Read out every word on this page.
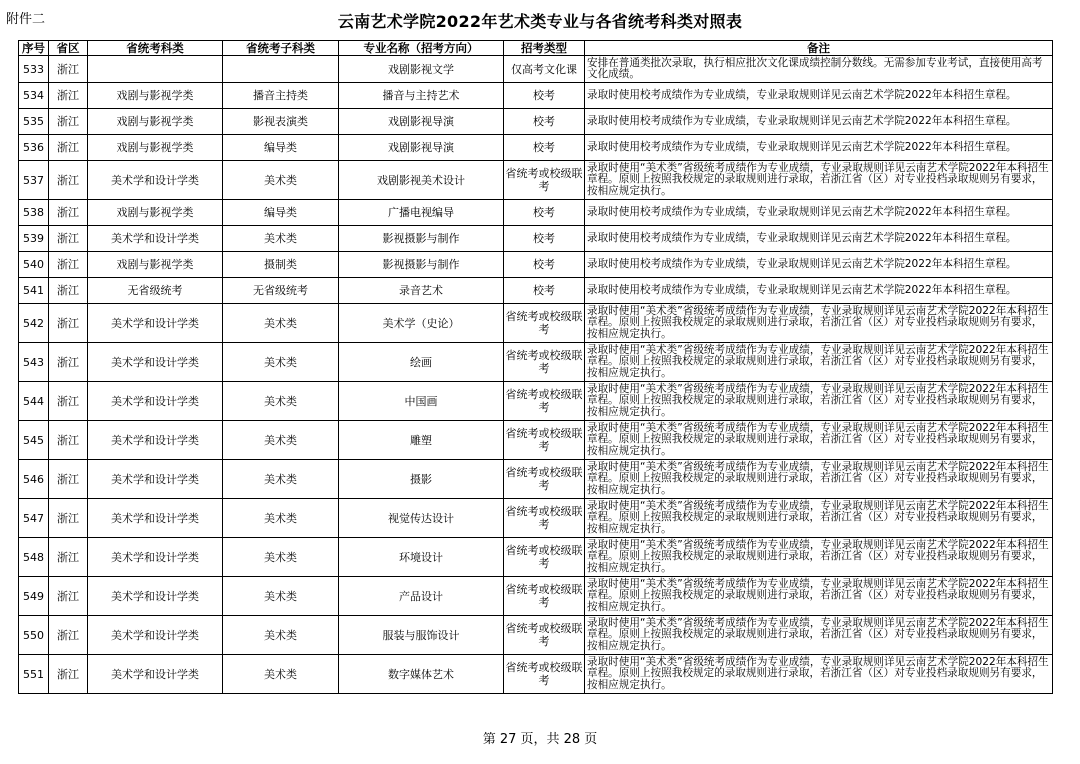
附件二	云南艺术学院2022年艺术类专业与各省统考科类对照表
序号	省区	省统考科类	省统考子科类	专业名称（招考方向）	招考类型	备注
533	浙江			戏剧影视文学	仅高考文化课	安排在普通类批次录取，执行相应批次文化课成绩控制分数线。无需参加专业考试，直接使用高考文化成绩。
534	浙江	戏剧与影视学类	播音主持类	播音与主持艺术	校考	录取时使用校考成绩作为专业成绩，专业录取规则详见云南艺术学院2022年本科招生章程。
535	浙江	戏剧与影视学类	影视表演类	戏剧影视导演	校考	录取时使用校考成绩作为专业成绩，专业录取规则详见云南艺术学院2022年本科招生章程。
536	浙江	戏剧与影视学类	编导类	戏剧影视导演	校考	录取时使用校考成绩作为专业成绩，专业录取规则详见云南艺术学院2022年本科招生章程。
537	浙江	美术学和设计学类	美术类	戏剧影视美术设计	省统考或校级联考	录取时使用“美术类”省级统考成绩作为专业成绩，专业录取规则详见云南艺术学院2022年本科招生章程。原则上按照我校规定的录取规则进行录取，若浙江省（区）对专业投档录取规则另有要求，按相应规定执行。
538	浙江	戏剧与影视学类	编导类	广播电视编导	校考	录取时使用校考成绩作为专业成绩，专业录取规则详见云南艺术学院2022年本科招生章程。
539	浙江	美术学和设计学类	美术类	影视摄影与制作	校考	录取时使用校考成绩作为专业成绩，专业录取规则详见云南艺术学院2022年本科招生章程。
540	浙江	戏剧与影视学类	摄制类	影视摄影与制作	校考	录取时使用校考成绩作为专业成绩，专业录取规则详见云南艺术学院2022年本科招生章程。
541	浙江	无省级统考	无省级统考	录音艺术	校考	录取时使用校考成绩作为专业成绩，专业录取规则详见云南艺术学院2022年本科招生章程。
542	浙江	美术学和设计学类	美术类	美术学（史论）	省统考或校级联考	录取时使用“美术类”省级统考成绩作为专业成绩，专业录取规则详见云南艺术学院2022年本科招生章程。原则上按照我校规定的录取规则进行录取，若浙江省（区）对专业投档录取规则另有要求，按相应规定执行。
543	浙江	美术学和设计学类	美术类	绘画	省统考或校级联考	录取时使用“美术类”省级统考成绩作为专业成绩，专业录取规则详见云南艺术学院2022年本科招生章程。原则上按照我校规定的录取规则进行录取，若浙江省（区）对专业投档录取规则另有要求，按相应规定执行。
544	浙江	美术学和设计学类	美术类	中国画	省统考或校级联考	录取时使用“美术类”省级统考成绩作为专业成绩，专业录取规则详见云南艺术学院2022年本科招生章程。原则上按照我校规定的录取规则进行录取，若浙江省（区）对专业投档录取规则另有要求，按相应规定执行。
545	浙江	美术学和设计学类	美术类	雕塑	省统考或校级联考	录取时使用“美术类”省级统考成绩作为专业成绩，专业录取规则详见云南艺术学院2022年本科招生章程。原则上按照我校规定的录取规则进行录取，若浙江省（区）对专业投档录取规则另有要求，按相应规定执行。
546	浙江	美术学和设计学类	美术类	摄影	省统考或校级联考	录取时使用“美术类”省级统考成绩作为专业成绩，专业录取规则详见云南艺术学院2022年本科招生章程。原则上按照我校规定的录取规则进行录取，若浙江省（区）对专业投档录取规则另有要求，按相应规定执行。
547	浙江	美术学和设计学类	美术类	视觉传达设计	省统考或校级联考	录取时使用“美术类”省级统考成绩作为专业成绩，专业录取规则详见云南艺术学院2022年本科招生章程。原则上按照我校规定的录取规则进行录取，若浙江省（区）对专业投档录取规则另有要求，按相应规定执行。
548	浙江	美术学和设计学类	美术类	环境设计	省统考或校级联考	录取时使用“美术类”省级统考成绩作为专业成绩，专业录取规则详见云南艺术学院2022年本科招生章程。原则上按照我校规定的录取规则进行录取，若浙江省（区）对专业投档录取规则另有要求，按相应规定执行。
549	浙江	美术学和设计学类	美术类	产品设计	省统考或校级联考	录取时使用“美术类”省级统考成绩作为专业成绩，专业录取规则详见云南艺术学院2022年本科招生章程。原则上按照我校规定的录取规则进行录取，若浙江省（区）对专业投档录取规则另有要求，按相应规定执行。
550	浙江	美术学和设计学类	美术类	服装与服饰设计	省统考或校级联考	录取时使用“美术类”省级统考成绩作为专业成绩，专业录取规则详见云南艺术学院2022年本科招生章程。原则上按照我校规定的录取规则进行录取，若浙江省（区）对专业投档录取规则另有要求，按相应规定执行。
551	浙江	美术学和设计学类	美术类	数字媒体艺术	省统考或校级联考	录取时使用“美术类”省级统考成绩作为专业成绩，专业录取规则详见云南艺术学院2022年本科招生章程。原则上按照我校规定的录取规则进行录取，若浙江省（区）对专业投档录取规则另有要求，按相应规定执行。
第 27 页，共 28 页
